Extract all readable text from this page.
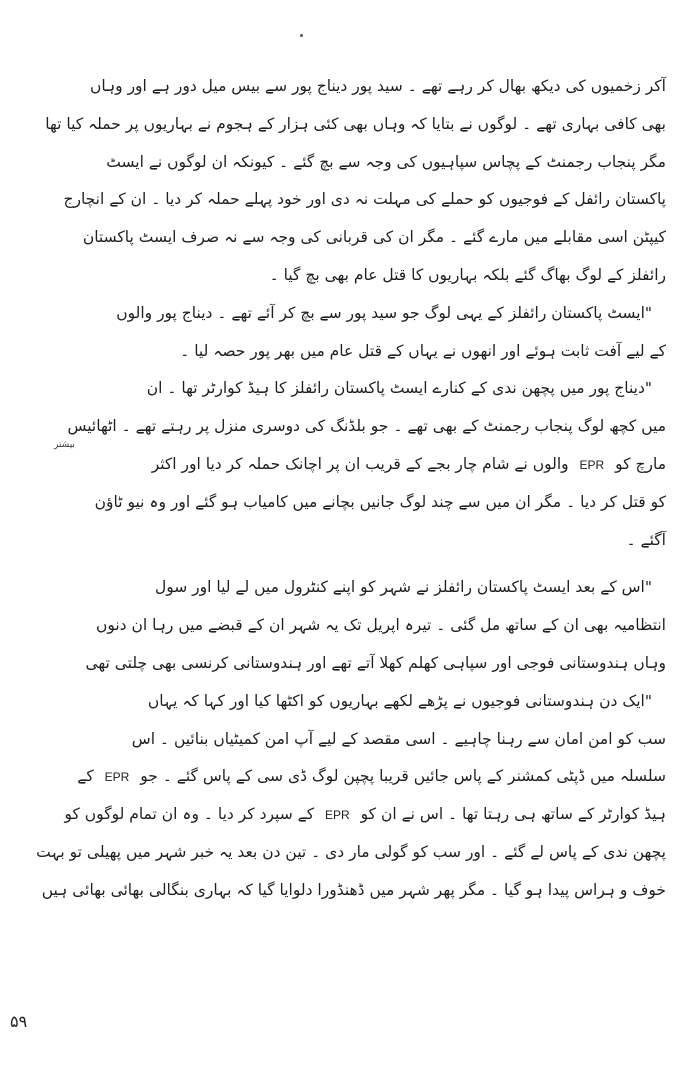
آکر زخمیوں کی دیکھ بھال کر رہے تھے ۔ سید پور دیناج پور سے بیس میل دور ہے اور وہاں
بھی کافی بہاری تھے ۔ لوگوں نے بتایا کہ وہاں بھی کئی ہزار کے ہجوم نے بہاریوں پر حملہ کیا تھا
مگر پنجاب رجمنٹ کے پچاس سپاہیوں کی وجہ سے بچ گئے ۔ کیونکہ ان لوگوں نے ایسٹ
پاکستان رائفل کے فوجیوں کو حملے کی مہلت نہ دی اور خود پہلے حملہ کر دیا ۔ ان کے انچارج
کیپٹن اسی مقابلے میں مارے گئے ۔ مگر ان کی قربانی کی وجہ سے نہ صرف ایسٹ پاکستان
رائفلز کے لوگ بھاگ گئے بلکہ بہاریوں کا قتل عام بھی بچ گیا ۔
"ایسٹ پاکستان رائفلز کے یہی لوگ جو سید پور سے بچ کر آئے تھے ۔ دیناج پور والوں
کے لیے آفت ثابت ہوئے اور انھوں نے یہاں کے قتل عام میں بھر پور حصہ لیا ۔
"دیناج پور میں پچھن ندی کے کنارے ایسٹ پاکستان رائفلز کا ہیڈ کوارٹر تھا ۔ ان
میں کچھ لوگ پنجاب رجمنٹ کے بھی تھے ۔ جو بلڈنگ کی دوسری منزل پر رہتے تھے ۔ اٹھائیس
بیشتر
مارچ کو EPR والوں نے شام چار بجے کے قریب ان پر اچانک حملہ کر دیا اور اکثر
کو قتل کر دیا ۔ مگر ان میں سے چند لوگ جانیں بچانے میں کامیاب ہو گئے اور وہ نیو ٹاؤن
آگئے ۔
"اس کے بعد ایسٹ پاکستان رائفلز نے شہر کو اپنے کنٹرول میں لے لیا اور سول
انتظامیہ بھی ان کے ساتھ مل گئی ۔ تیرہ اپریل تک یہ شہر ان کے قبضے میں رہا ان دنوں
وہاں ہندوستانی فوجی اور سپاہی کھلم کھلا آتے تھے اور ہندوستانی کرنسی بھی چلتی تھی
"ایک دن ہندوستانی فوجیوں نے پڑھے لکھے بہاریوں کو اکٹھا کیا اور کہا کہ یہاں
سب کو امن امان سے رہنا چاہیے ۔ اسی مقصد کے لیے آپ امن کمیٹیاں بنائیں ۔ اس
سلسلہ میں ڈپٹی کمشنر کے پاس جائیں قریبا پچپن لوگ ڈی سی کے پاس گئے ۔ جو EPR کے
ہیڈ کوارٹر کے ساتھ ہی رہتا تھا ۔ اس نے ان کو EPR کے سپرد کر دیا ۔ وہ ان تمام لوگوں کو
پچھن ندی کے پاس لے گئے ۔ اور سب کو گولی مار دی ۔ تین دن بعد یہ خبر شہر میں پھیلی تو بہت
خوف و ہراس پیدا ہو گیا ۔ مگر پھر شہر میں ڈھنڈورا دلوایا گیا کہ بہاری بنگالی بھائی بھائی ہیں
۵۹
